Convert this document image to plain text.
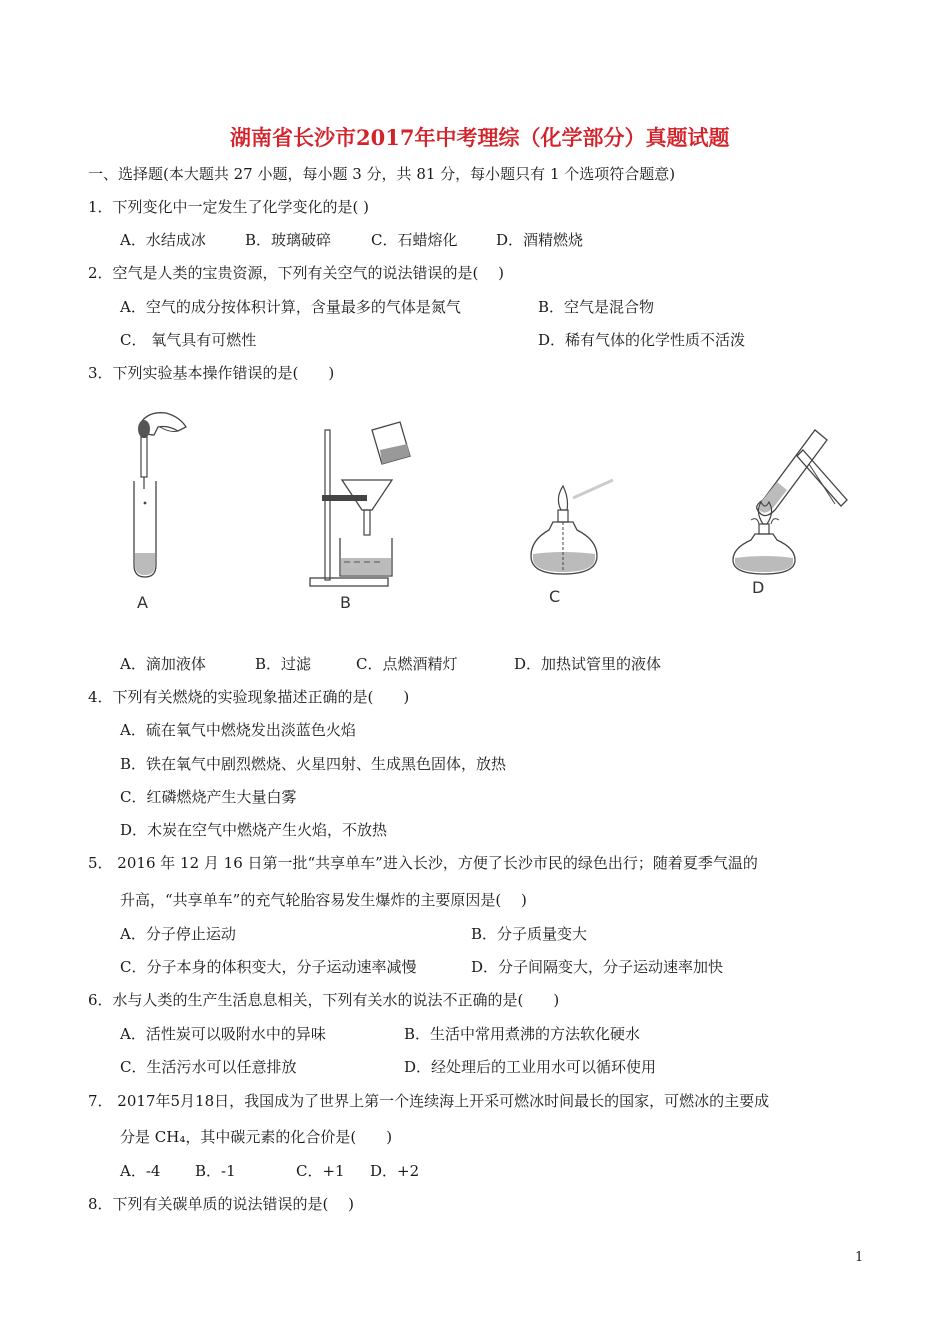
湖南省长沙市2017年中考理综（化学部分）真题试题
一、选择题(本大题共 27 小题，每小题 3 分，共 81 分，每小题只有 1 个选项符合题意)
1．下列变化中一定发生了化学变化的是( )
A．水结成冰	B．玻璃破碎	C．石蜡熔化	D．酒精燃烧
2．空气是人类的宝贵资源，下列有关空气的说法错误的是(　 )
A．空气的成分按体积计算，含量最多的气体是氮气	B．空气是混合物
C． 氧气具有可燃性	D．稀有气体的化学性质不活泼
3．下列实验基本操作错误的是(　　)
A	B	C	D
A．滴加液体	B．过滤	C．点燃酒精灯	D．加热试管里的液体
4．下列有关燃烧的实验现象描述正确的是(　　)
A．硫在氧气中燃烧发出淡蓝色火焰
B．铁在氧气中剧烈燃烧、火星四射、生成黑色固体，放热
C．红磷燃烧产生大量白雾
D．木炭在空气中燃烧产生火焰，不放热
5． 2016 年 12 月 16 日第一批“共享单车”进入长沙，方便了长沙市民的绿色出行；随着夏季气温的
升高，“共享单车”的充气轮胎容易发生爆炸的主要原因是(　 )
A．分子停止运动	B．分子质量变大
C．分子本身的体积变大，分子运动速率减慢	D．分子间隔变大，分子运动速率加快
6．水与人类的生产生活息息相关，下列有关水的说法不正确的是(　　)
A．活性炭可以吸附水中的异味	B．生活中常用煮沸的方法软化硬水
C．生活污水可以任意排放	D．经处理后的工业用水可以循环使用
7． 2017年5月18日，我国成为了世界上第一个连续海上开采可燃冰时间最长的国家，可燃冰的主要成
分是 CH₄，其中碳元素的化合价是(　　)
A．-4 B．-1	C．+1 D．+2
8．下列有关碳单质的说法错误的是(　 )
1
